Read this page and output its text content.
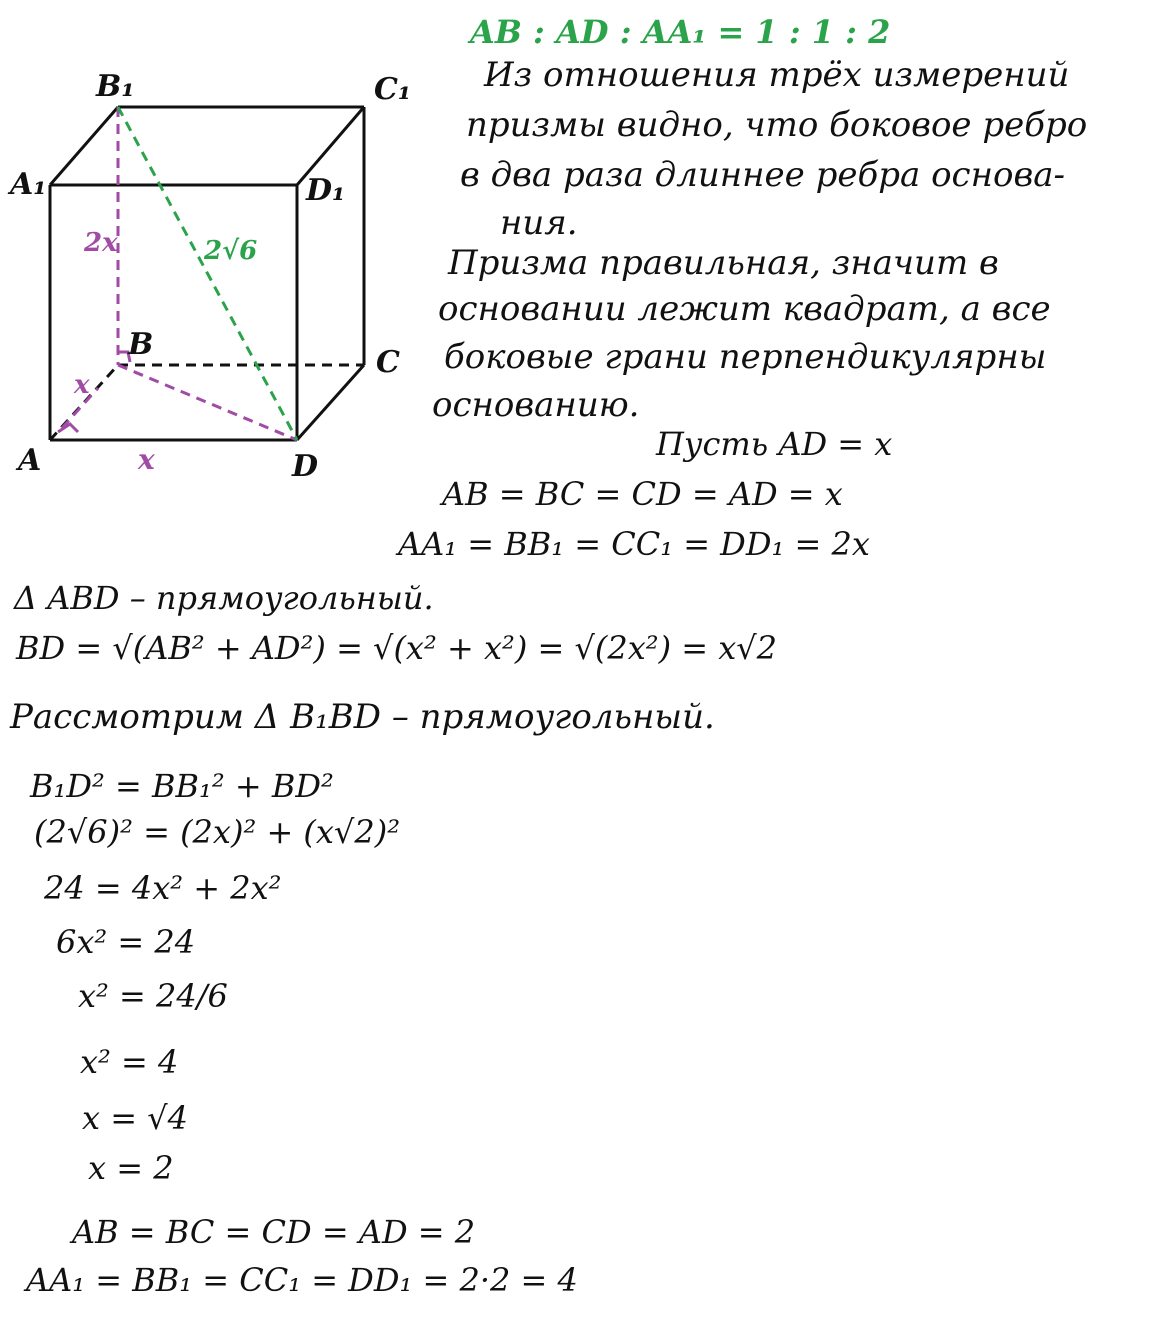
B₁	C₁
A₁	D₁
B
C
A	D
2x	2√6
x
x
AB : AD : AA₁ = 1 : 1 : 2
Из отношения трёх измерений
призмы видно, что боковое ребро
в два раза длиннее ребра основа-
ния.
Призма правильная, значит в
основании лежит квадрат, а все
боковые грани перпендикулярны
основанию.
Пусть AD = x
AB = BC = CD = AD = x
AA₁ = BB₁ = CC₁ = DD₁ = 2x
Δ ABD – прямоугольный.
BD = √(AB² + AD²) = √(x² + x²) = √(2x²) = x√2
Рассмотрим Δ B₁BD – прямоугольный.
B₁D² = BB₁² + BD²
(2√6)² = (2x)² + (x√2)²
24 = 4x² + 2x²
6x² = 24
x² = 24/6
x² = 4
x = √4
x = 2
AB = BC = CD = AD = 2
AA₁ = BB₁ = CC₁ = DD₁ = 2·2 = 4
